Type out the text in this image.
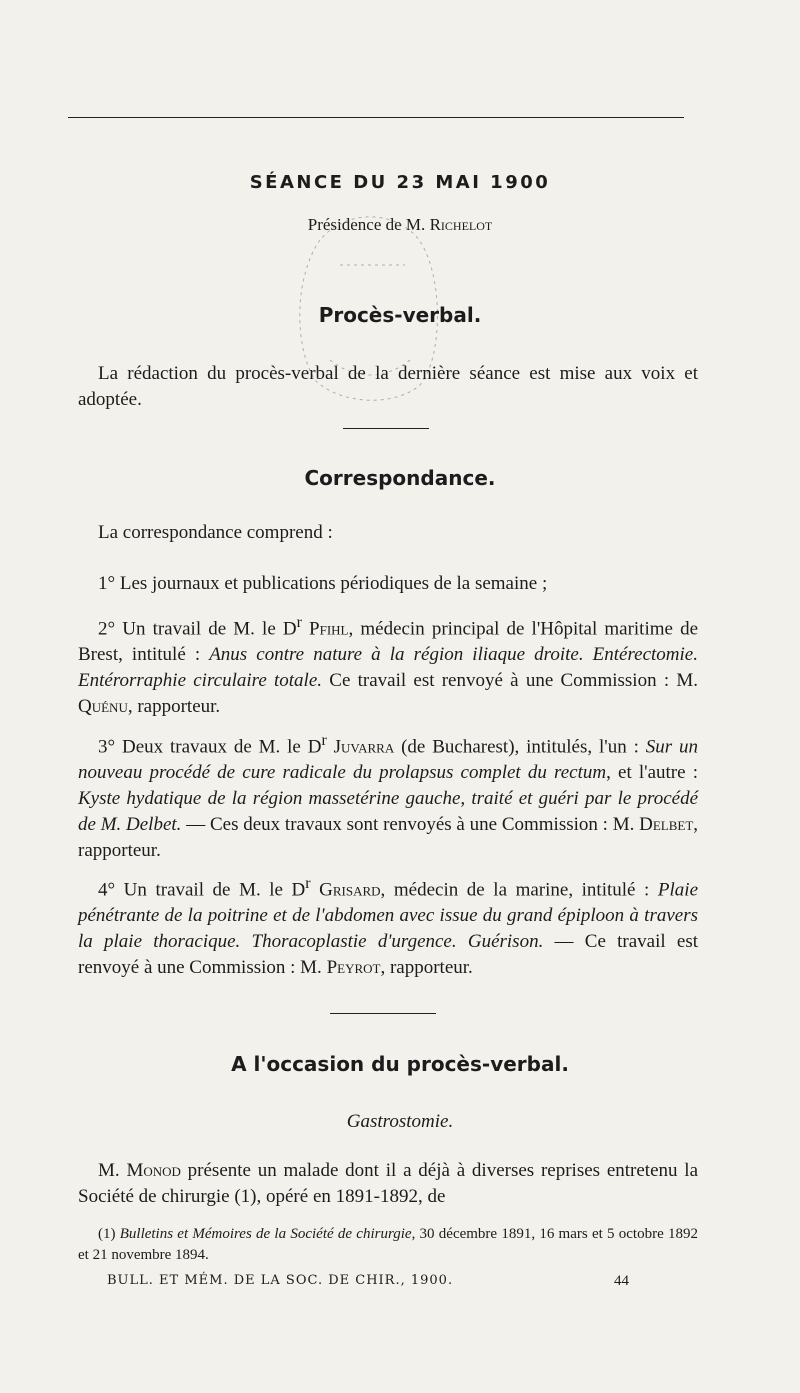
SÉANCE DU 23 MAI 1900
Présidence de M. Richelot
Procès-verbal.

La rédaction du procès-verbal de la dernière séance est mise aux voix et adoptée.

Correspondance.

La correspondance comprend :

1° Les journaux et publications périodiques de la semaine ;

2° Un travail de M. le $D^r$ Pfihl, médecin principal de l'Hôpital maritime de Brest, intitulé : Anus contre nature à la région iliaque droite. Entérectomie. Entérorraphie circulaire totale. Ce travail est renvoyé à une Commission : M. Quénu, rapporteur.

3° Deux travaux de M. le $D^r$ Juvarra (de Bucharest), intitulés, l'un : Sur un nouveau procédé de cure radicale du prolapsus complet du rectum, et l'autre : Kyste hydatique de la région massetérine gauche, traité et guéri par le procédé de M. Delbet. — Ces deux travaux sont renvoyés à une Commission : M. Delbet, rapporteur.

4° Un travail de M. le $D^r$ Grisard, médecin de la marine, intitulé : Plaie pénétrante de la poitrine et de l'abdomen avec issue du grand épiploon à travers la plaie thoracique. Thoracoplastie d'urgence. Guérison. — Ce travail est renvoyé à une Commission : M. Peyrot, rapporteur.

A l'occasion du procès-verbal.
Gastrostomie.

M. Monod présente un malade dont il a déjà à diverses reprises entretenu la Société de chirurgie (1), opéré en 1891-1892, de

(1) Bulletins et Mémoires de la Société de chirurgie, 30 décembre 1891, 16 mars et 5 octobre 1892 et 21 novembre 1894.

BULL. ET MÉM. DE LA SOC. DE CHIR., 1900.	44
